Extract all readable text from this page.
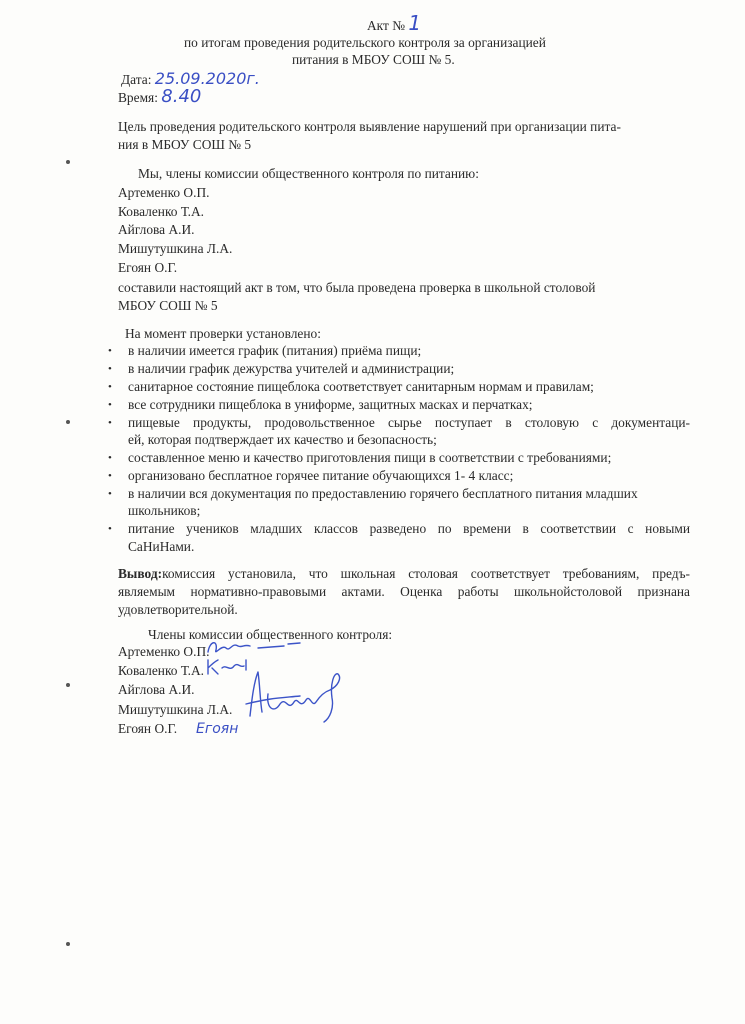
Акт № 1
по итогам проведения родительского контроля за организацией
питания в МБОУ СОШ № 5.
Дата: 25.09.2020г.
Время: 8.40
Цель проведения родительского контроля выявление нарушений при организации пита-
ния в МБОУ СОШ № 5
Мы, члены комиссии общественного контроля по питанию:
Артеменко О.П.
Коваленко Т.А.
Айглова А.И.
Мишутушкина Л.А.
Егоян О.Г.
составили настоящий акт в том, что была проведена проверка в школьной столовой
МБОУ СОШ № 5
На момент проверки установлено:
• в наличии имеется график (питания) приёма пищи;
• в наличии график дежурства учителей и администрации;
• санитарное состояние пищеблока соответствует санитарным нормам и правилам;
• все сотрудники пищеблока в униформе, защитных масках и перчатках;
• пищевые продукты, продовольственное сырье поступает в столовую с документаци-
ей, которая подтверждает их качество и безопасность;
• составленное меню и качество приготовления пищи в соответствии с требованиями;
• организовано бесплатное горячее питание обучающихся 1- 4 класс;
• в наличии вся документация по предоставлению горячего бесплатного питания младших
школьников;
• питание учеников младших классов разведено по времени в соответствии с новыми
СаНиНами.
Вывод:комиссия установила, что школьная столовая соответствует требованиям, предъ-
являемым нормативно-правовыми актами. Оценка работы школьнойстоловой признана
удовлетворительной.
Члены комиссии общественного контроля:
Артеменко О.П.
Коваленко Т.А.
Айглова А.И.
Мишутушкина Л.А.
Егоян О.Г. Егоян
